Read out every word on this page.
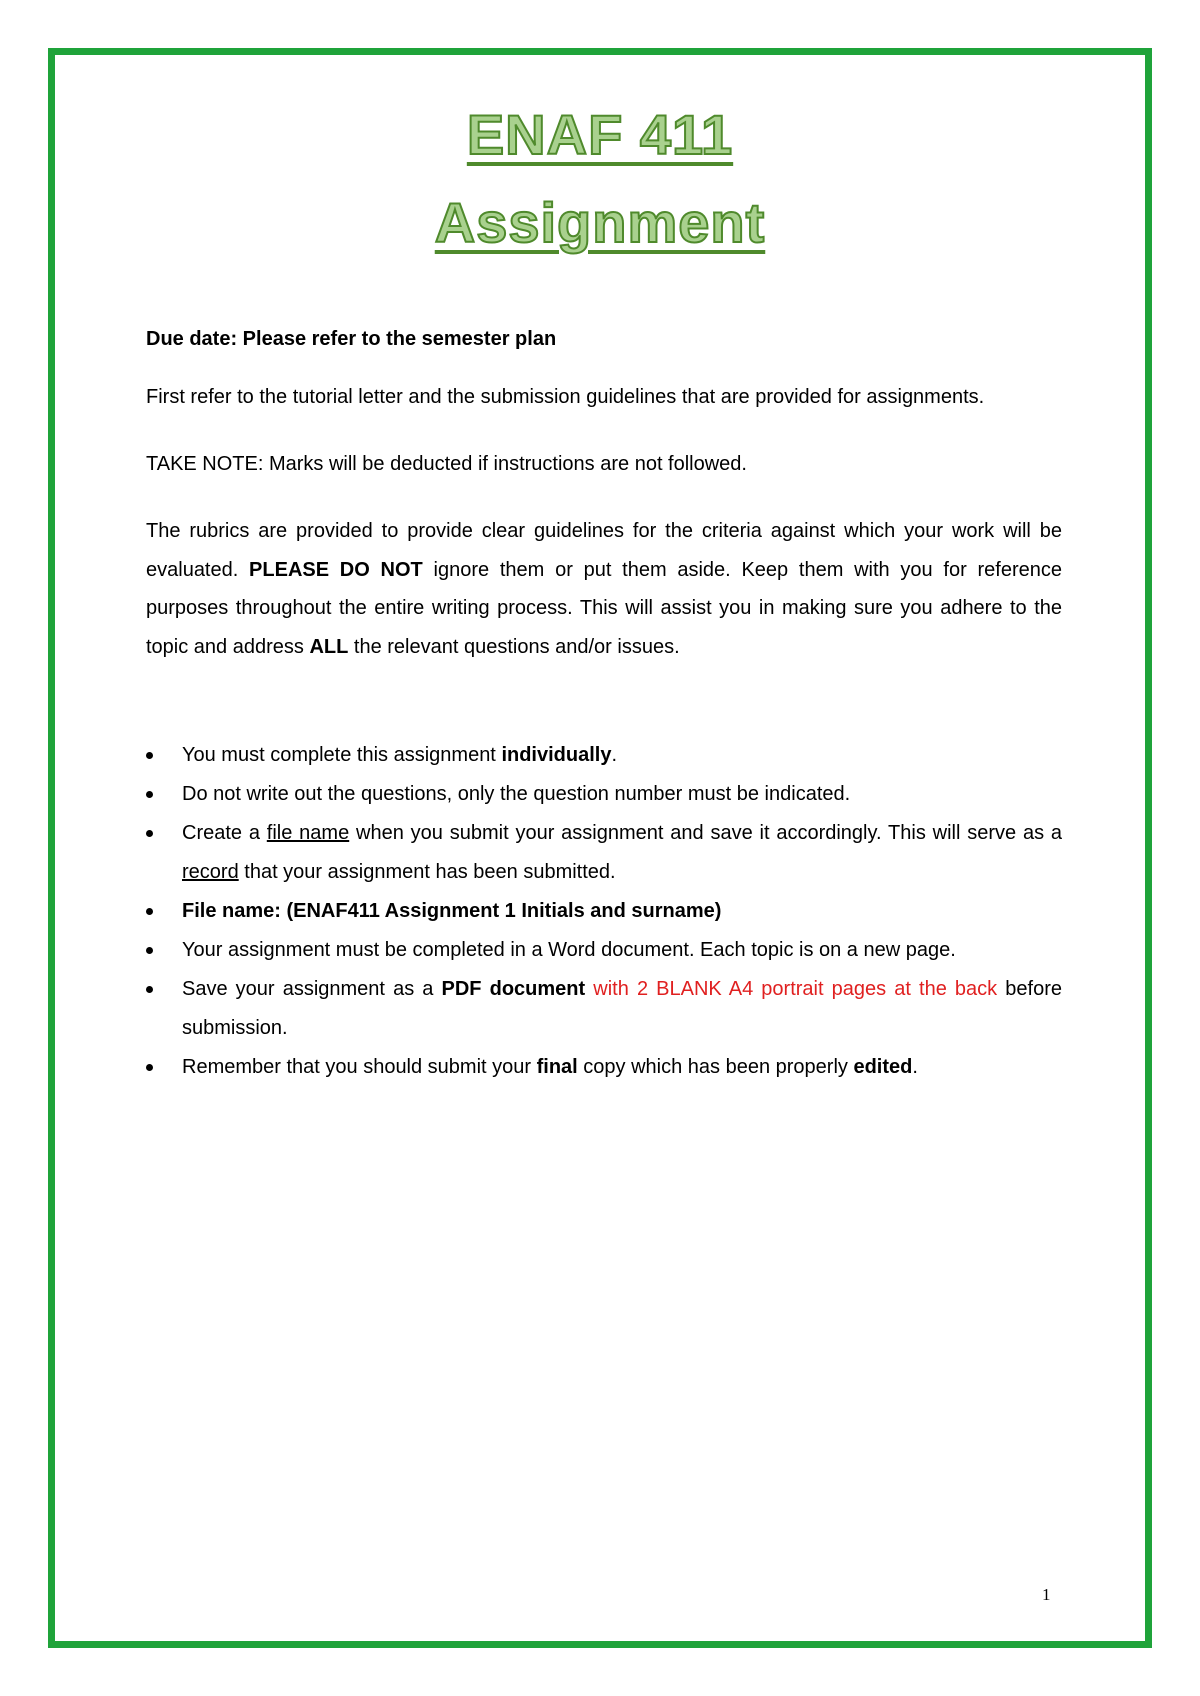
ENAF 411
Assignment

Due date: Please refer to the semester plan

First refer to the tutorial letter and the submission guidelines that are provided for assignments.

TAKE NOTE: Marks will be deducted if instructions are not followed.

The rubrics are provided to provide clear guidelines for the criteria against which your work will be evaluated. PLEASE DO NOT ignore them or put them aside. Keep them with you for reference purposes throughout the entire writing process. This will assist you in making sure you adhere to the topic and address ALL the relevant questions and/or issues.

You must complete this assignment individually.
Do not write out the questions, only the question number must be indicated.
Create a file name when you submit your assignment and save it accordingly. This will serve as a record that your assignment has been submitted.
File name: (ENAF411 Assignment 1 Initials and surname)
Your assignment must be completed in a Word document. Each topic is on a new page.
Save your assignment as a PDF document with 2 BLANK A4 portrait pages at the back before submission.
Remember that you should submit your final copy which has been properly edited.
1
